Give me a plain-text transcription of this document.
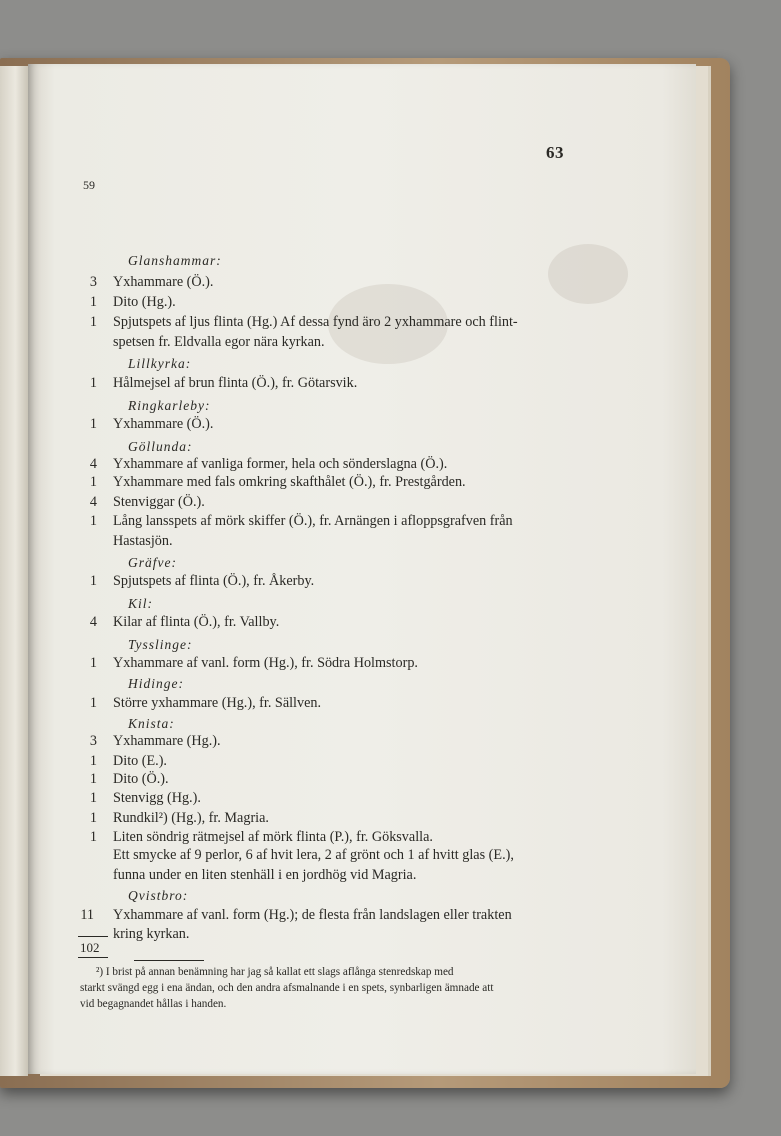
63
59
Glanshammar:
3 Yxhammare (Ö.).
1 Dito (Hg.).
1 Spjutspets af ljus flinta (Hg.) Af dessa fynd äro 2 yxhammare och flint-
spetsen fr. Eldvalla egor nära kyrkan.
Lillkyrka:
1 Hålmejsel af brun flinta (Ö.), fr. Götarsvik.
Ringkarleby:
1 Yxhammare (Ö.).
Göllunda:
4 Yxhammare af vanliga former, hela och sönderslagna (Ö.).
1 Yxhammare med fals omkring skafthålet (Ö.), fr. Prestgården.
4 Stenviggar (Ö.).
1 Lång lansspets af mörk skiffer (Ö.), fr. Arnängen i afloppsgrafven från
Hastasjön.
Gräfve:
1 Spjutspets af flinta (Ö.), fr. Åkerby.
Kil:
4 Kilar af flinta (Ö.), fr. Vallby.
Tysslinge:
1 Yxhammare af vanl. form (Hg.), fr. Södra Holmstorp.
Hidinge:
1 Större yxhammare (Hg.), fr. Sällven.
Knista:
3 Yxhammare (Hg.).
1 Dito (E.).
1 Dito (Ö.).
1 Stenvigg (Hg.).
1 Rundkil²) (Hg.), fr. Magria.
1 Liten söndrig rätmejsel af mörk flinta (P.), fr. Göksvalla.
Ett smycke af 9 perlor, 6 af hvit lera, 2 af grönt och 1 af hvitt glas (E.),
funna under en liten stenhäll i en jordhög vid Magria.
Qvistbro:
11 Yxhammare af vanl. form (Hg.); de flesta från landslagen eller trakten
kring kyrkan.
102
²) I brist på annan benämning har jag så kallat ett slags aflånga stenredskap med
starkt svängd egg i ena ändan, och den andra afsmalnande i en spets, synbarligen ämnade att
vid begagnandet hållas i handen.
